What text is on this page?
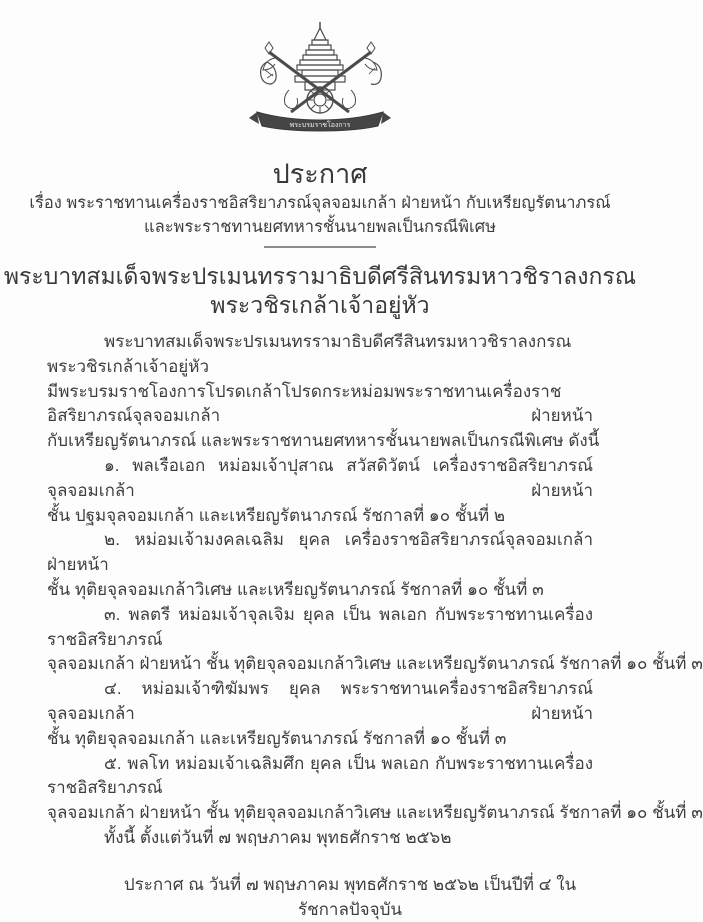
พระบรมราชโองการ
ประกาศ
เรื่อง พระราชทานเครื่องราชอิสริยาภรณ์จุลจอมเกล้า ฝ่ายหน้า กับเหรียญรัตนาภรณ์
และพระราชทานยศทหารชั้นนายพลเป็นกรณีพิเศษ
พระบาทสมเด็จพระปรเมนทรรามาธิบดีศรีสินทรมหาวชิราลงกรณ
พระวชิรเกล้าเจ้าอยู่หัว
พระบาทสมเด็จพระปรเมนทรรามาธิบดีศรีสินทรมหาวชิราลงกรณ พระวชิรเกล้าเจ้าอยู่หัว
มีพระบรมราชโองการโปรดเกล้าโปรดกระหม่อมพระราชทานเครื่องราชอิสริยาภรณ์จุลจอมเกล้า ฝ่ายหน้า
กับเหรียญรัตนาภรณ์ และพระราชทานยศทหารชั้นนายพลเป็นกรณีพิเศษ ดังนี้
๑. พลเรือเอก หม่อมเจ้าปุสาณ สวัสดิวัตน์ เครื่องราชอิสริยาภรณ์จุลจอมเกล้า ฝ่ายหน้า
ชั้น ปฐมจุลจอมเกล้า และเหรียญรัตนาภรณ์ รัชกาลที่ ๑๐ ชั้นที่ ๒
๒. หม่อมเจ้ามงคลเฉลิม ยุคล เครื่องราชอิสริยาภรณ์จุลจอมเกล้า ฝ่ายหน้า
ชั้น ทุติยจุลจอมเกล้าวิเศษ และเหรียญรัตนาภรณ์ รัชกาลที่ ๑๐ ชั้นที่ ๓
๓. พลตรี หม่อมเจ้าจุลเจิม ยุคล เป็น พลเอก กับพระราชทานเครื่องราชอิสริยาภรณ์
จุลจอมเกล้า ฝ่ายหน้า ชั้น ทุติยจุลจอมเกล้าวิเศษ และเหรียญรัตนาภรณ์ รัชกาลที่ ๑๐ ชั้นที่ ๓
๔. หม่อมเจ้าฑิฆัมพร ยุคล พระราชทานเครื่องราชอิสริยาภรณ์จุลจอมเกล้า ฝ่ายหน้า
ชั้น ทุติยจุลจอมเกล้า และเหรียญรัตนาภรณ์ รัชกาลที่ ๑๐ ชั้นที่ ๓
๕. พลโท หม่อมเจ้าเฉลิมศึก ยุคล เป็น พลเอก กับพระราชทานเครื่องราชอิสริยาภรณ์
จุลจอมเกล้า ฝ่ายหน้า ชั้น ทุติยจุลจอมเกล้าวิเศษ และเหรียญรัตนาภรณ์ รัชกาลที่ ๑๐ ชั้นที่ ๓
ทั้งนี้ ตั้งแต่วันที่ ๗ พฤษภาคม พุทธศักราช ๒๕๖๒
ประกาศ ณ วันที่ ๗ พฤษภาคม พุทธศักราช ๒๕๖๒ เป็นปีที่ ๔ ในรัชกาลปัจจุบัน
